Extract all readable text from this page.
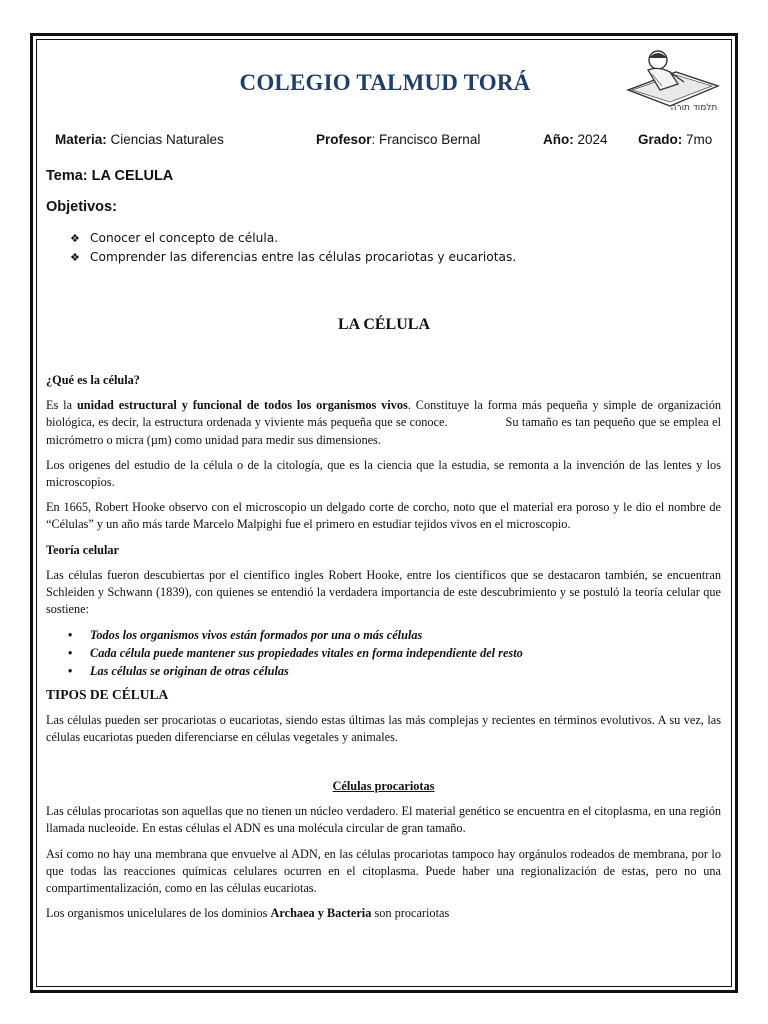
COLEGIO TALMUD TORÁ
תלמוד תורה
Materia: Ciencias Naturales	Profesor: Francisco Bernal	Año: 2024 Grado: 7mo
Tema: LA CELULA
Objetivos:
❖ Conocer el concepto de célula.
❖ Comprender las diferencias entre las células procariotas y eucariotas.
LA CÉLULA
¿Qué es la célula?

Es la unidad estructural y funcional de todos los organismos vivos. Constituye la forma más pequeña y simple de organización biológica, es decir, la estructura ordenada y viviente más pequeña que se conoce.	Su tamaño es tan pequeño que se emplea el micrómetro o micra (µm) como unidad para medir sus dimensiones.

Los origenes del estudio de la célula o de la citología, que es la ciencia que la estudia, se remonta a la invención de las lentes y los microscopios.

En 1665, Robert Hooke observo con el microscopio un delgado corte de corcho, noto que el material era poroso y le dio el nombre de “Células” y un año más tarde Marcelo Malpighi fue el primero en estudiar tejidos vivos en el microscopio.

Teoría celular

Las células fueron descubiertas por el científico ingles Robert Hooke, entre los científicos que se destacaron también, se encuentran Schleiden y Schwann (1839), con quienes se entendió la verdadera importancia de este descubrimiento y se postuló la teoría celular que sostiene:

• Todos los organismos vivos están formados por una o más células
• Cada célula puede mantener sus propiedades vitales en forma independiente del resto
• Las células se originan de otras células
TIPOS DE CÉLULA

Las células pueden ser procariotas o eucariotas, siendo estas últimas las más complejas y recientes en términos evolutivos. A su vez, las células eucariotas pueden diferenciarse en células vegetales y animales.

Células procariotas

Las células procariotas son aquellas que no tienen un núcleo verdadero. El material genético se encuentra en el citoplasma, en una región llamada nucleoide. En estas células el ADN es una molécula circular de gran tamaño.

Así como no hay una membrana que envuelve al ADN, en las células procariotas tampoco hay orgánulos rodeados de membrana, por lo que todas las reacciones químicas celulares ocurren en el citoplasma. Puede haber una regionalización de estas, pero no una compartimentalización, como en las células eucariotas.

Los organismos unicelulares de los dominios Archaea y Bacteria son procariotas
